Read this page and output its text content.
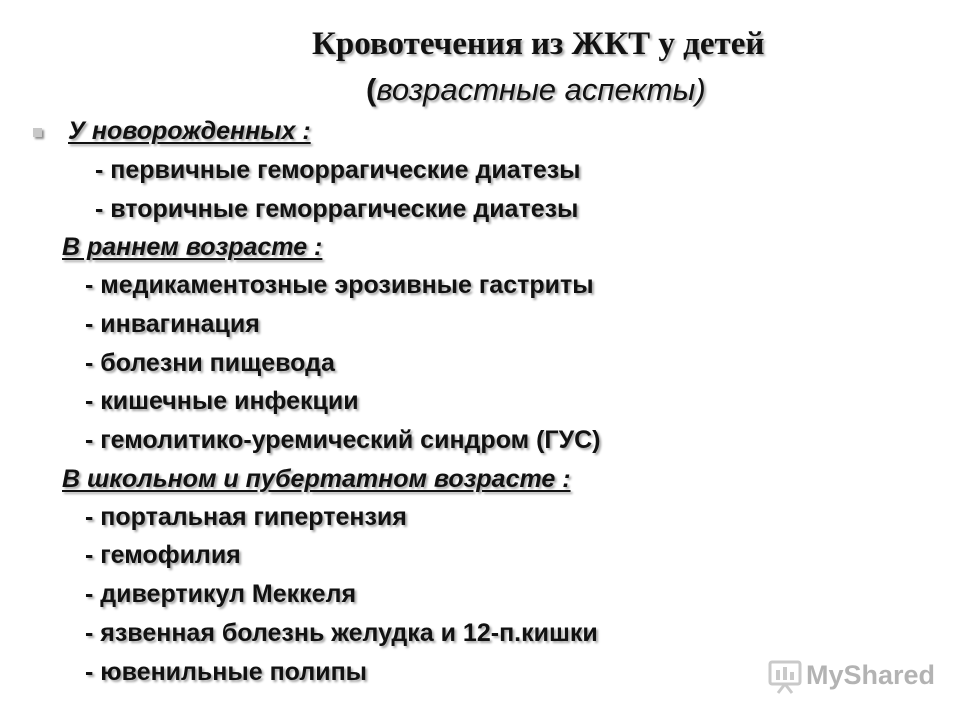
Кровотечения из ЖКТ у детей
(возрастные аспекты)
У новорожденных :
- первичные геморрагические диатезы
- вторичные геморрагические диатезы
В раннем возрасте :
- медикаментозные эрозивные гастриты
- инвагинация
- болезни пищевода
- кишечные инфекции
- гемолитико-уремический синдром (ГУС)
В школьном и пубертатном возрасте :
- портальная гипертензия
- гемофилия
- дивертикул Меккеля
- язвенная болезнь желудка и 12-п.кишки
- ювенильные полипы	MyShared
